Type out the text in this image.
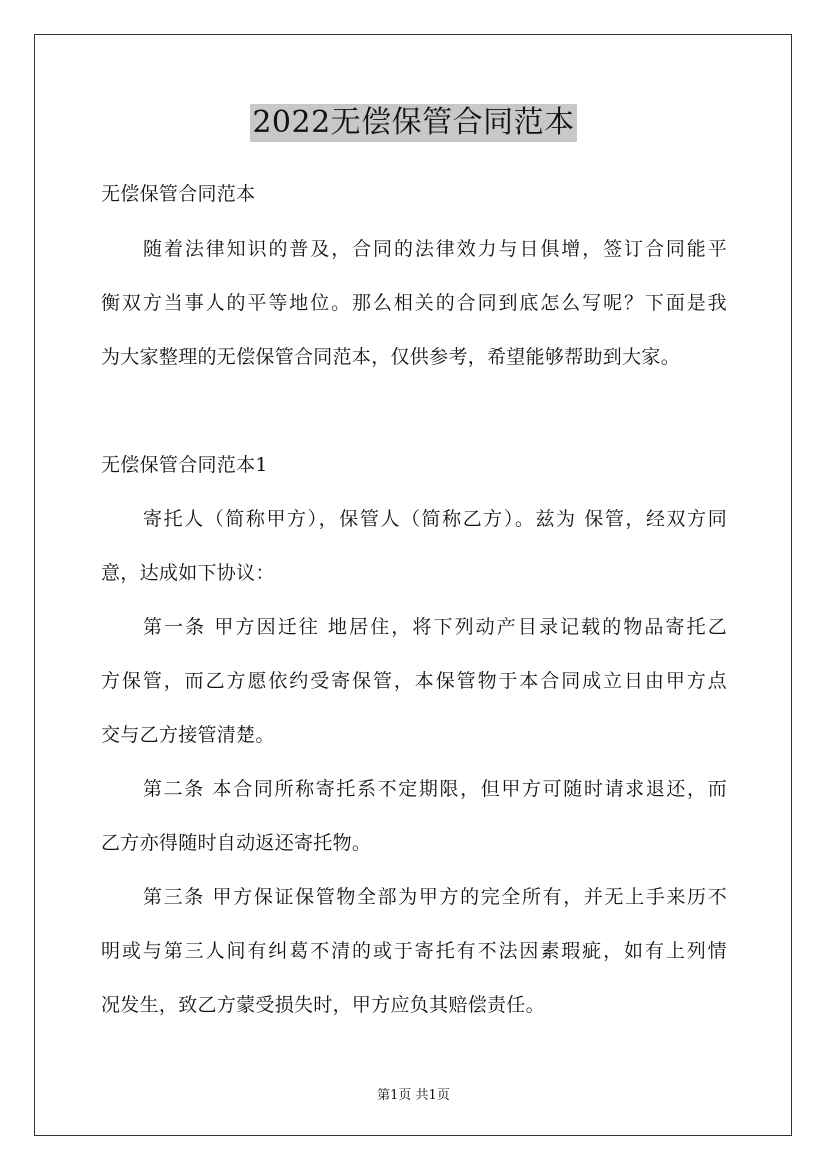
2022无偿保管合同范本
无偿保管合同范本
随着法律知识的普及，合同的法律效力与日俱增，签订合同能平
衡双方当事人的平等地位。那么相关的合同到底怎么写呢？下面是我
为大家整理的无偿保管合同范本，仅供参考，希望能够帮助到大家。
无偿保管合同范本1
寄托人（简称甲方），保管人（简称乙方）。兹为 保管，经双方同
意，达成如下协议：
第一条 甲方因迁往 地居住，将下列动产目录记载的物品寄托乙
方保管，而乙方愿依约受寄保管，本保管物于本合同成立日由甲方点
交与乙方接管清楚。
第二条 本合同所称寄托系不定期限，但甲方可随时请求退还，而
乙方亦得随时自动返还寄托物。
第三条 甲方保证保管物全部为甲方的完全所有，并无上手来历不
明或与第三人间有纠葛不清的或于寄托有不法因素瑕疵，如有上列情
况发生，致乙方蒙受损失时，甲方应负其赔偿责任。
第1页 共1页
